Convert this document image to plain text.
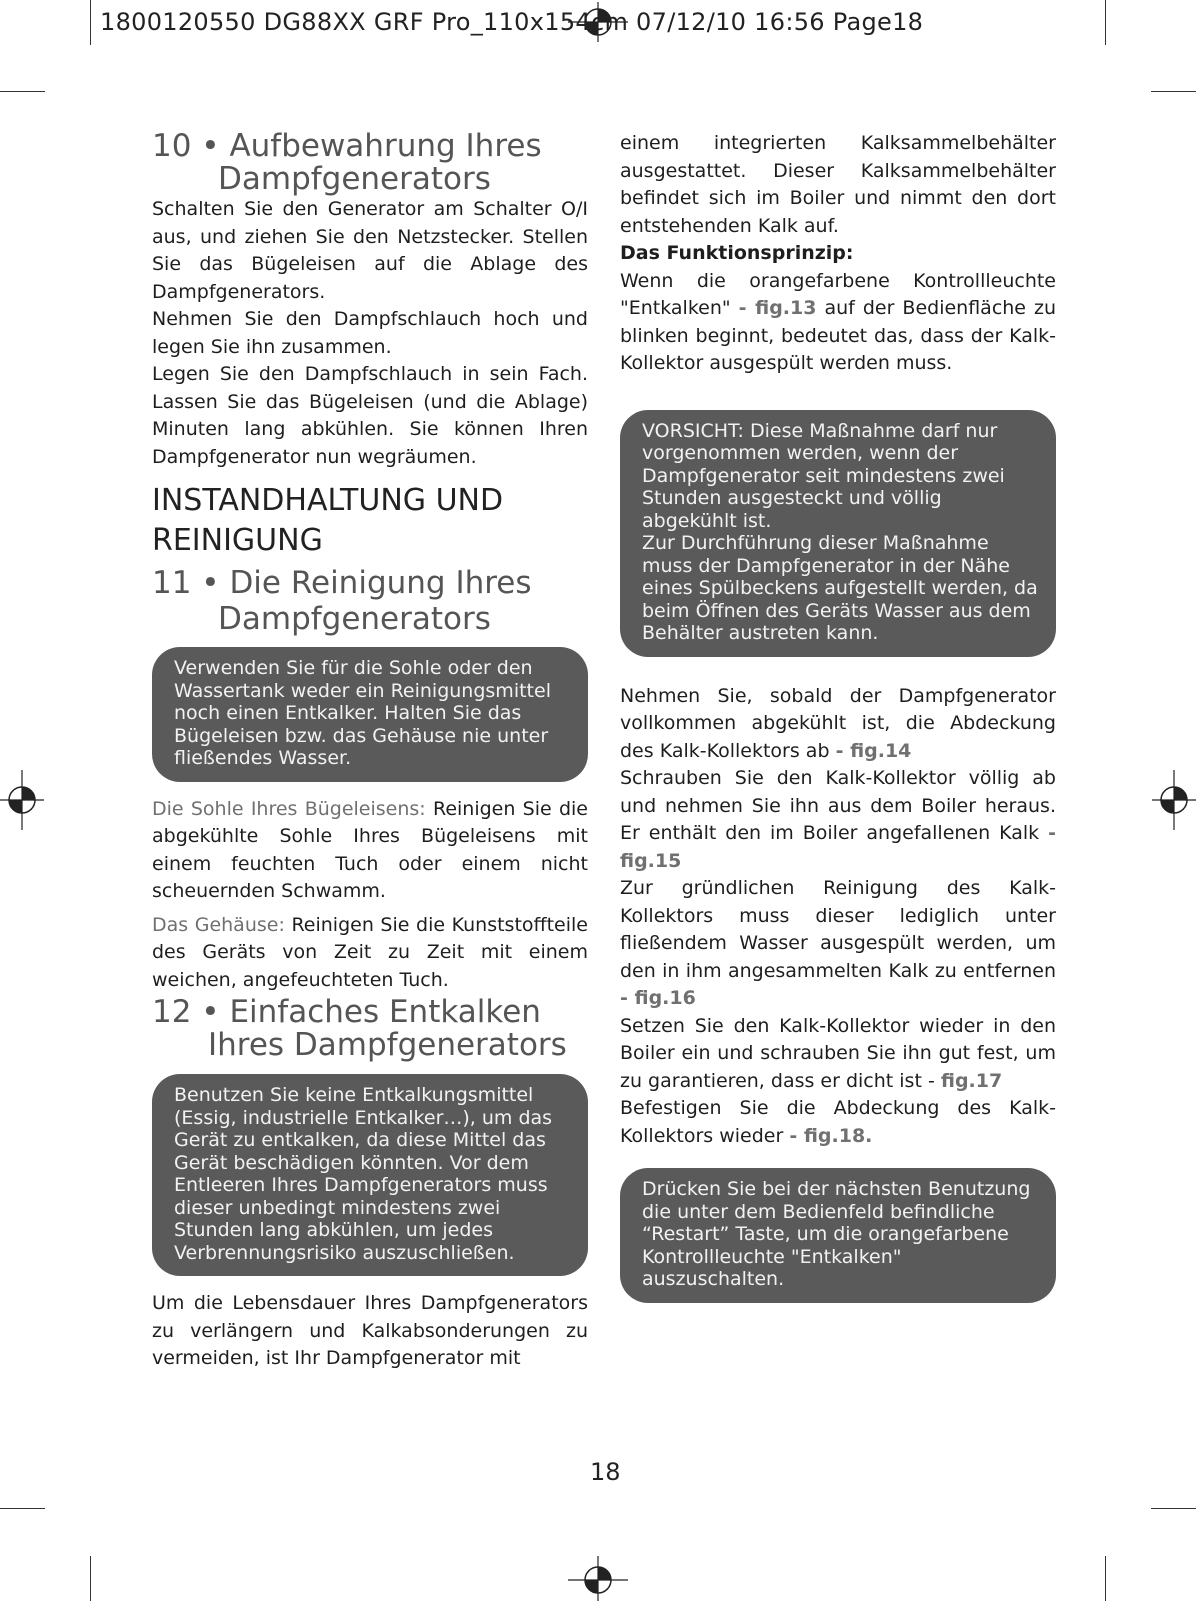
1800120550 DG88XX GRF Pro_110x154cm 07/12/10 16:56 Page18
10 • Aufbewahrung Ihres
Dampfgenerators

Schalten Sie den Generator am Schalter O/I aus, und ziehen Sie den Netzstecker. Stellen Sie das Bügeleisen auf die Ablage des Dampfgenerators.

Nehmen Sie den Dampfschlauch hoch und legen Sie ihn zusammen.

Legen Sie den Dampfschlauch in sein Fach. Lassen Sie das Bügeleisen (und die Ablage) Minuten lang abkühlen. Sie können Ihren Dampfgenerator nun wegräumen.

INSTANDHALTUNG UND
REINIGUNG
11 • Die Reinigung Ihres
Dampfgenerators
Verwenden Sie für die Sohle oder den Wassertank weder ein Reinigungsmittel noch einen Entkalker. Halten Sie das Bügeleisen bzw. das Gehäuse nie unter fließendes Wasser.

Die Sohle Ihres Bügeleisens: Reinigen Sie die abgekühlte Sohle Ihres Bügeleisens mit einem feuchten Tuch oder einem nicht scheuernden Schwamm.

Das Gehäuse: Reinigen Sie die Kunststoffteile des Geräts von Zeit zu Zeit mit einem weichen, angefeuchteten Tuch.

12 • Einfaches Entkalken
Ihres Dampfgenerators
Benutzen Sie keine Entkalkungsmittel (Essig, industrielle Entkalker…), um das Gerät zu entkalken, da diese Mittel das Gerät beschädigen könnten. Vor dem Entleeren Ihres Dampfgenerators muss dieser unbedingt mindestens zwei Stunden lang abkühlen, um jedes Verbrennungsrisiko auszuschließen.

Um die Lebensdauer Ihres Dampfgenerators zu verlängern und Kalkabsonderungen zu vermeiden, ist Ihr Dampfgenerator mit

einem integrierten Kalksammelbehälter ausgestattet. Dieser Kalksammelbehälter befindet sich im Boiler und nimmt den dort entstehenden Kalk auf.

Das Funktionsprinzip:

Wenn die orangefarbene Kontrollleuchte "Entkalken" - fig.13 auf der Bedienfläche zu blinken beginnt, bedeutet das, dass der Kalk-Kollektor ausgespült werden muss.

VORSICHT: Diese Maßnahme darf nur vorgenommen werden, wenn der Dampfgenerator seit mindestens zwei Stunden ausgesteckt und völlig abgekühlt ist.
Zur Durchführung dieser Maßnahme muss der Dampfgenerator in der Nähe eines Spülbeckens aufgestellt werden, da beim Öffnen des Geräts Wasser aus dem Behälter austreten kann.

Nehmen Sie, sobald der Dampfgenerator vollkommen abgekühlt ist, die Abdeckung des Kalk-Kollektors ab - fig.14

Schrauben Sie den Kalk-Kollektor völlig ab und nehmen Sie ihn aus dem Boiler heraus. Er enthält den im Boiler angefallenen Kalk - fig.15

Zur gründlichen Reinigung des Kalk-Kollektors muss dieser lediglich unter fließendem Wasser ausgespült werden, um den in ihm angesammelten Kalk zu entfernen - fig.16

Setzen Sie den Kalk-Kollektor wieder in den Boiler ein und schrauben Sie ihn gut fest, um zu garantieren, dass er dicht ist - fig.17

Befestigen Sie die Abdeckung des Kalk-Kollektors wieder - fig.18.

Drücken Sie bei der nächsten Benutzung die unter dem Bedienfeld befindliche “Restart” Taste, um die orangefarbene Kontrollleuchte "Entkalken" auszuschalten.
18
